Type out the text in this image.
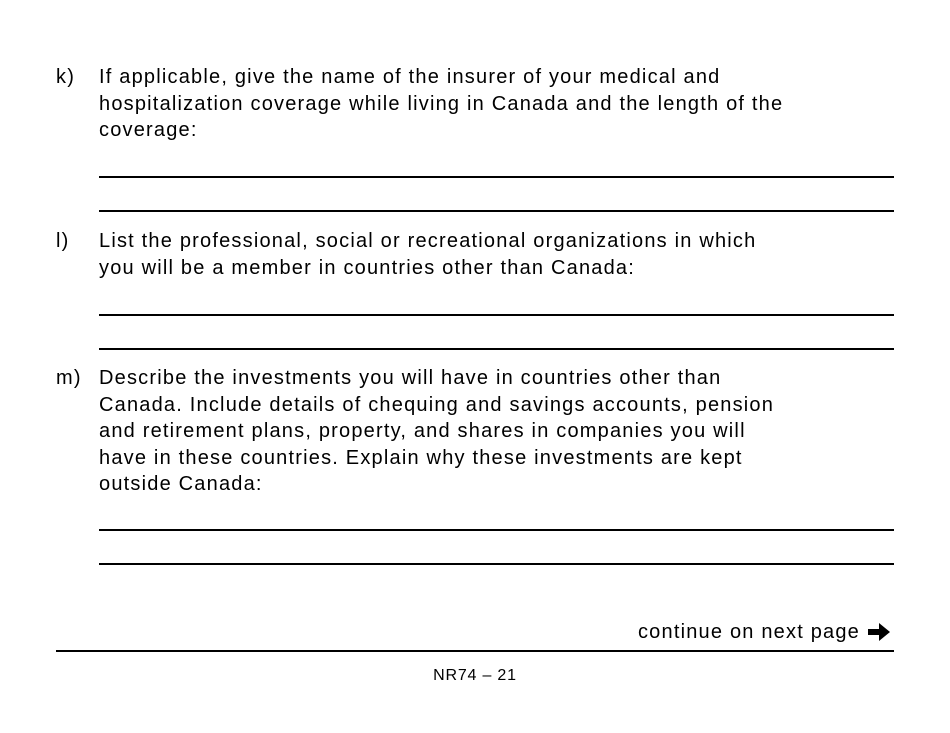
k) If applicable, give the name of the insurer of your medical and
hospitalization coverage while living in Canada and the length of the
coverage:
l) List the professional, social or recreational organizations in which
you will be a member in countries other than Canada:
m) Describe the investments you will have in countries other than
Canada. Include details of chequing and savings accounts, pension
and retirement plans, property, and shares in companies you will
have in these countries. Explain why these investments are kept
outside Canada:
continue on next page
NR74 – 21
